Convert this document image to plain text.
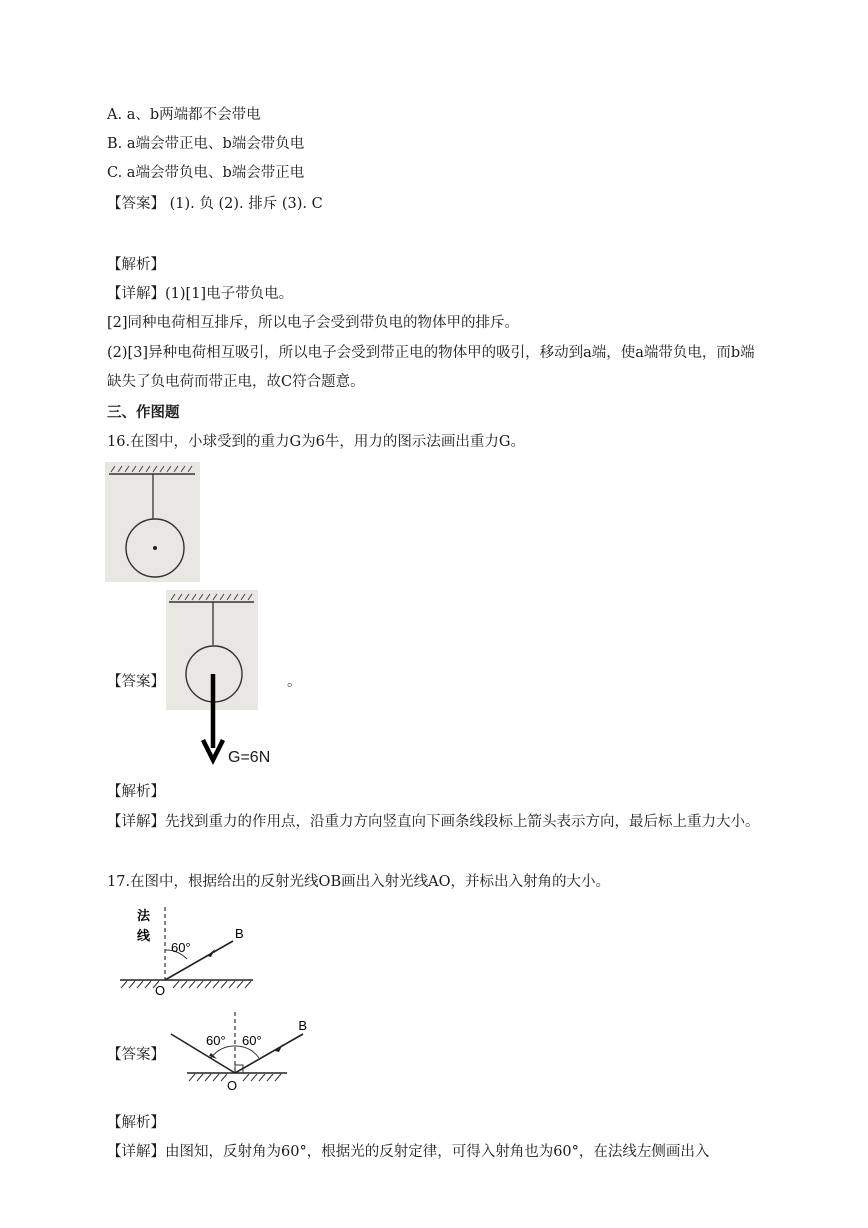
A. a、b两端都不会带电
B. a端会带正电、b端会带负电
C. a端会带负电、b端会带正电
【答案】 (1). 负 (2). 排斥 (3). C
【解析】
【详解】(1)[1]电子带负电。
[2]同种电荷相互排斥，所以电子会受到带负电的物体甲的排斥。
(2)[3]异种电荷相互吸引，所以电子会受到带正电的物体甲的吸引，移动到a端，使a端带负电，而b端缺失了负电荷而带正电，故C符合题意。
三、作图题
16.在图中，小球受到的重力G为6牛，用力的图示法画出重力G。
【答案】
G=6N
。
【解析】
【详解】先找到重力的作用点，沿重力方向竖直向下画条线段标上箭头表示方向，最后标上重力大小。
17.在图中，根据给出的反射光线OB画出入射光线AO，并标出入射角的大小。
法
线
60°
B
O
【答案】
60° 60°
B
O
【解析】
【详解】由图知，反射角为60°，根据光的反射定律，可得入射角也为60°，在法线左侧画出入
